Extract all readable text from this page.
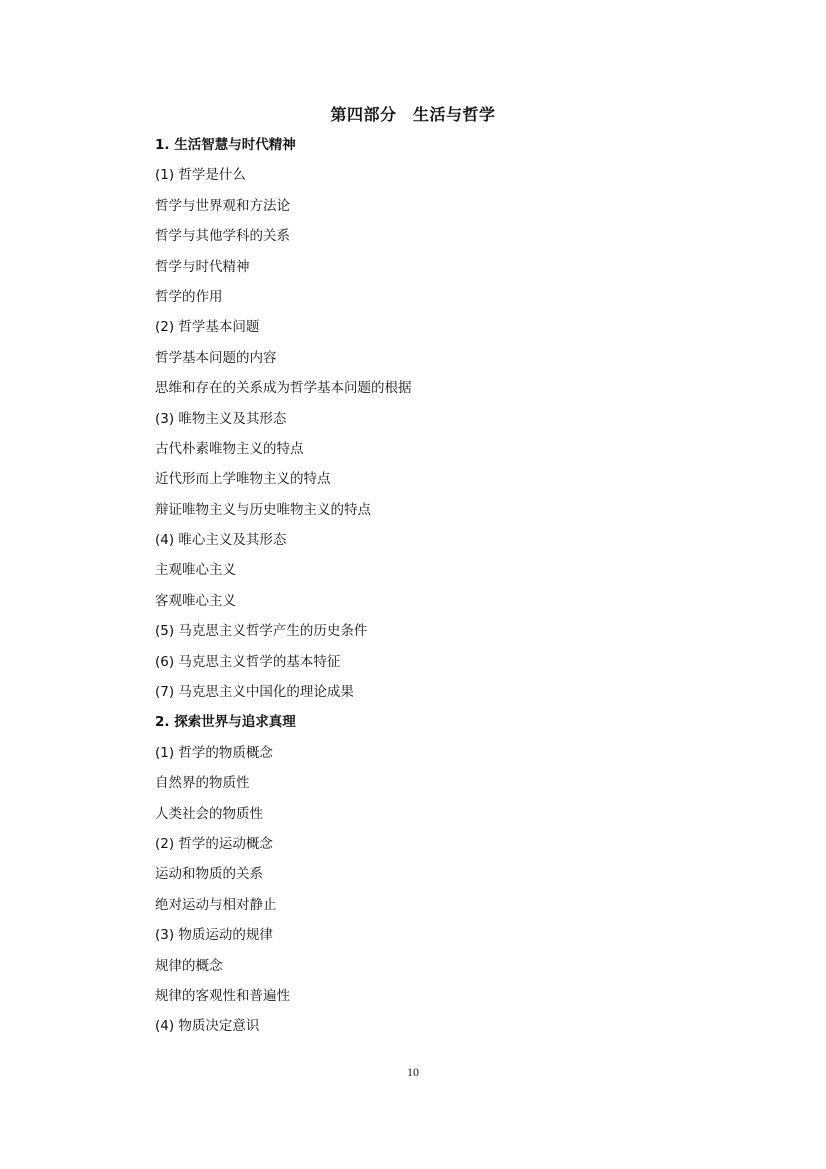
第四部分　生活与哲学
1. 生活智慧与时代精神
(1) 哲学是什么
哲学与世界观和方法论
哲学与其他学科的关系
哲学与时代精神
哲学的作用
(2) 哲学基本问题
哲学基本问题的内容
思维和存在的关系成为哲学基本问题的根据
(3) 唯物主义及其形态
古代朴素唯物主义的特点
近代形而上学唯物主义的特点
辩证唯物主义与历史唯物主义的特点
(4) 唯心主义及其形态
主观唯心主义
客观唯心主义
(5) 马克思主义哲学产生的历史条件
(6) 马克思主义哲学的基本特征
(7) 马克思主义中国化的理论成果
2. 探索世界与追求真理
(1) 哲学的物质概念
自然界的物质性
人类社会的物质性
(2) 哲学的运动概念
运动和物质的关系
绝对运动与相对静止
(3) 物质运动的规律
规律的概念
规律的客观性和普遍性
(4) 物质决定意识
10
